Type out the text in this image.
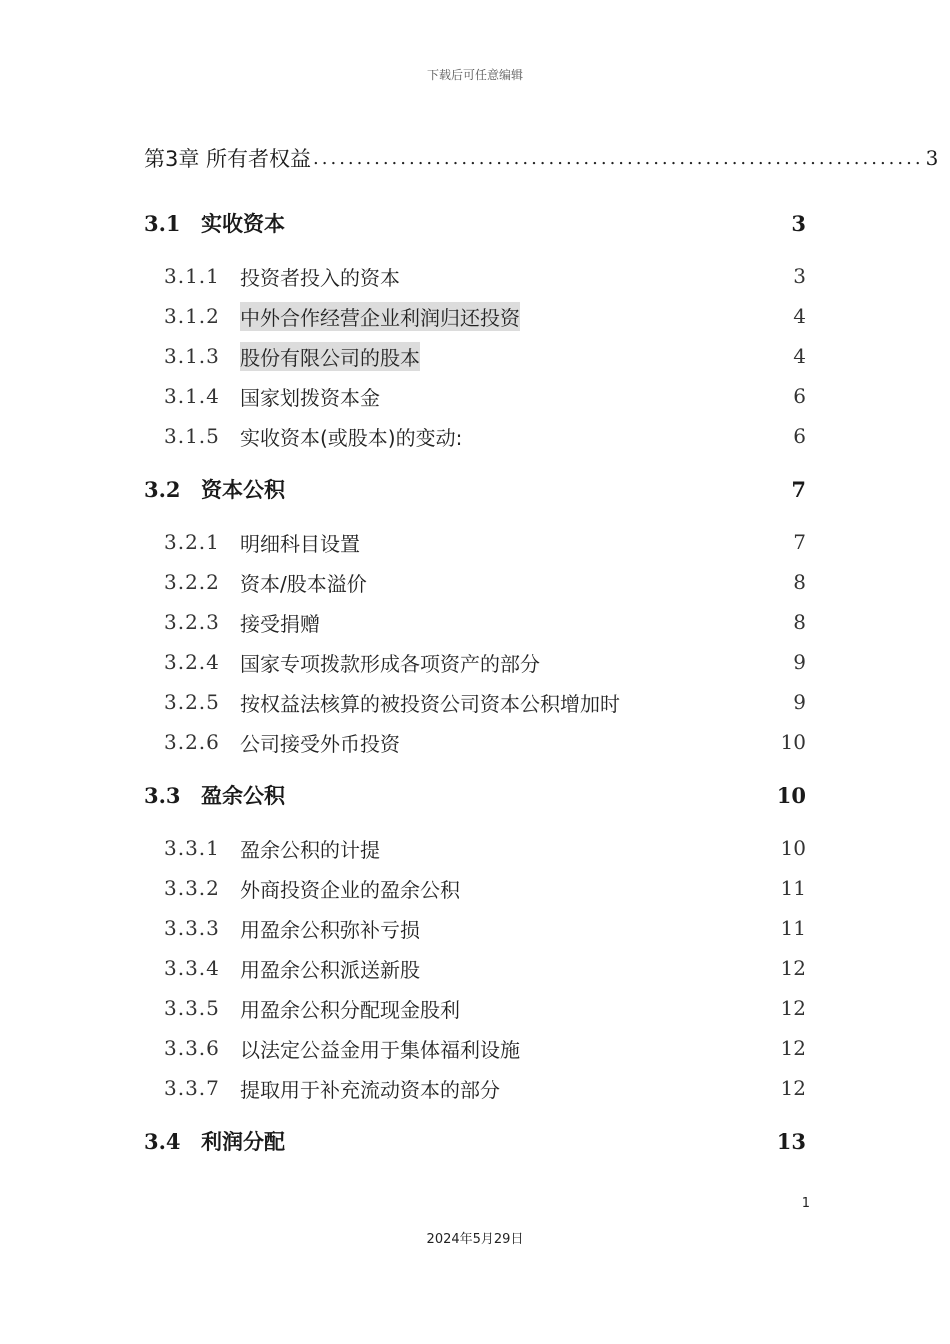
下载后可任意编辑
第3章 所有者权益 ...................................................................... 3
3.1 实收资本	3
3.1.1	投资者投入的资本	3
3.1.2	中外合作经营企业利润归还投资	4
3.1.3	股份有限公司的股本	4
3.1.4	国家划拨资本金	6
3.1.5	实收资本(或股本)的变动:	6
3.2 资本公积	7
3.2.1	明细科目设置	7
3.2.2	资本/股本溢价	8
3.2.3	接受捐赠	8
3.2.4	国家专项拨款形成各项资产的部分	9
3.2.5	按权益法核算的被投资公司资本公积增加时	9
3.2.6	公司接受外币投资	10
3.3 盈余公积	10
3.3.1	盈余公积的计提	10
3.3.2	外商投资企业的盈余公积	11
3.3.3	用盈余公积弥补亏损	11
3.3.4	用盈余公积派送新股	12
3.3.5	用盈余公积分配现金股利	12
3.3.6	以法定公益金用于集体福利设施	12
3.3.7	提取用于补充流动资本的部分	12
3.4 利润分配	13
1
2024年5月29日
